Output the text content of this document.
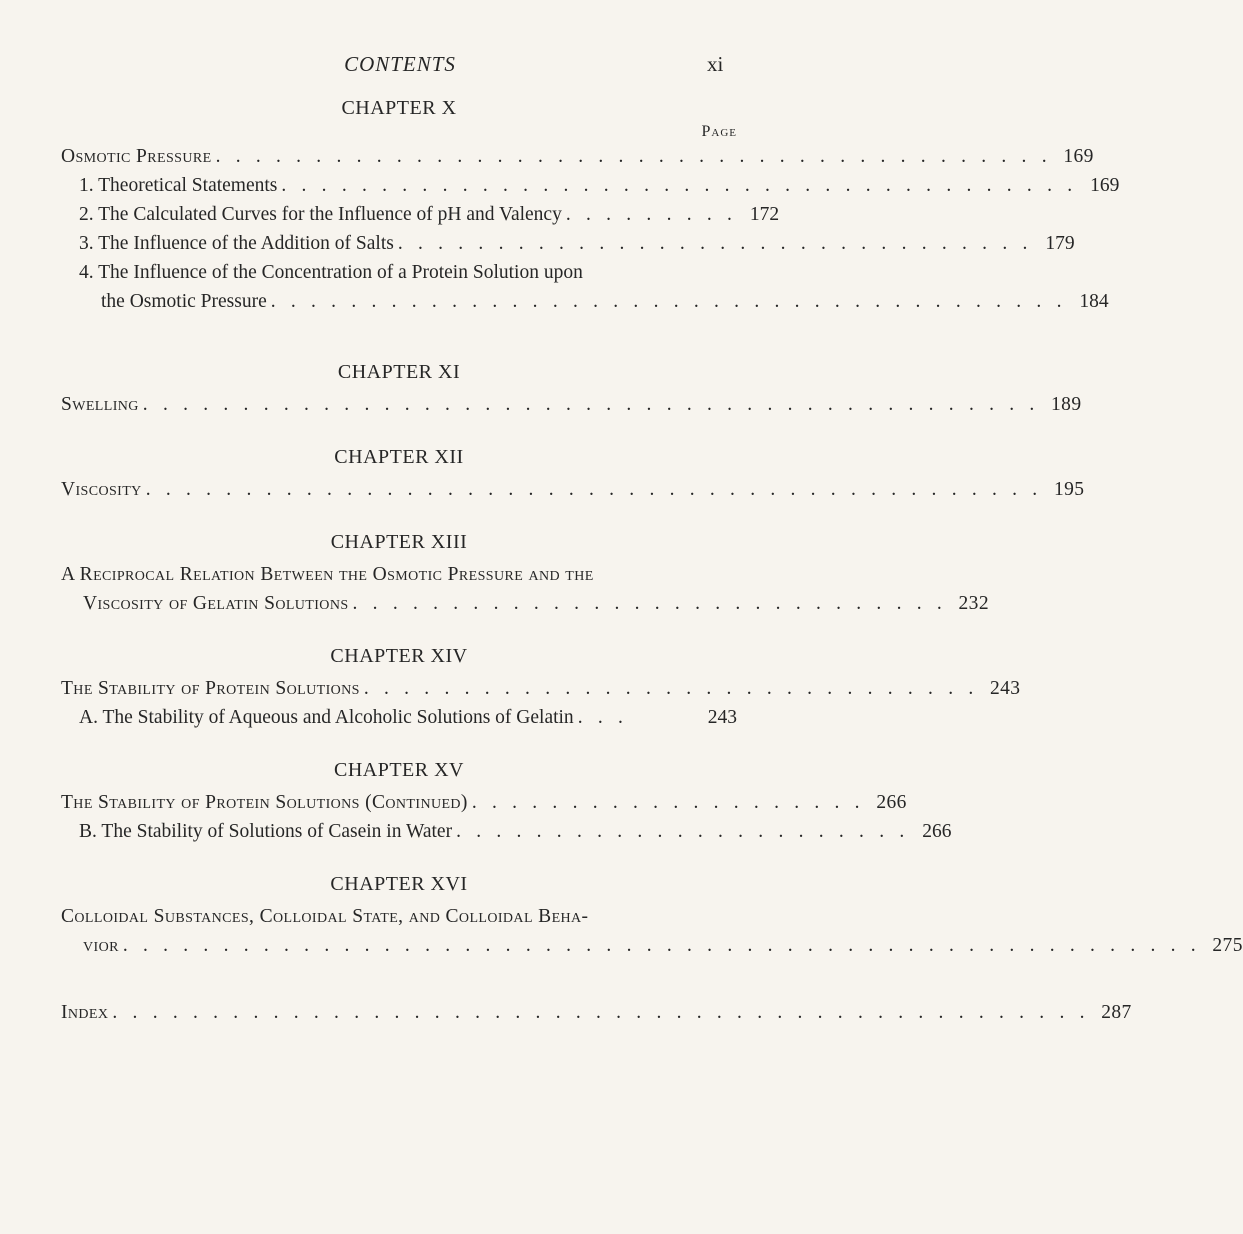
CONTENTS	xi
CHAPTER X
Page
Osmotic Pressure . . . . . . . . . . . . . . . . . . . . . . . . . . . . . . . . . . . . . . . . . . 169
1. Theoretical Statements . . . . . . . . . . . . . . . . . . . . . . . . . . . . . . . . . . . . . . . . 169
2. The Calculated Curves for the Influence of pH and Valency . . . . . . . . . 172
3. The Influence of the Addition of Salts . . . . . . . . . . . . . . . . . . . . . . . . . . . . . . . . 179
4. The Influence of the Concentration of a Protein Solution upon
the Osmotic Pressure . . . . . . . . . . . . . . . . . . . . . . . . . . . . . . . . . . . . . . . . 184
CHAPTER XI
Swelling . . . . . . . . . . . . . . . . . . . . . . . . . . . . . . . . . . . . . . . . . . . . . 189
CHAPTER XII
Viscosity . . . . . . . . . . . . . . . . . . . . . . . . . . . . . . . . . . . . . . . . . . . . . 195
CHAPTER XIII
A Reciprocal Relation Between the Osmotic Pressure and the
Viscosity of Gelatin Solutions . . . . . . . . . . . . . . . . . . . . . . . . . . . . . . 232
CHAPTER XIV
The Stability of Protein Solutions . . . . . . . . . . . . . . . . . . . . . . . . . . . . . . . 243
A. The Stability of Aqueous and Alcoholic Solutions of Gelatin . . .	243
CHAPTER XV
The Stability of Protein Solutions (Continued) . . . . . . . . . . . . . . . . . . . . 266
B. The Stability of Solutions of Casein in Water . . . . . . . . . . . . . . . . . . . . . . . 266
CHAPTER XVI
Colloidal Substances, Colloidal State, and Colloidal Beha-
vior . . . . . . . . . . . . . . . . . . . . . . . . . . . . . . . . . . . . . . . . . . . . . . . . . . . . . . 275
Index . . . . . . . . . . . . . . . . . . . . . . . . . . . . . . . . . . . . . . . . . . . . . . . . . 287
